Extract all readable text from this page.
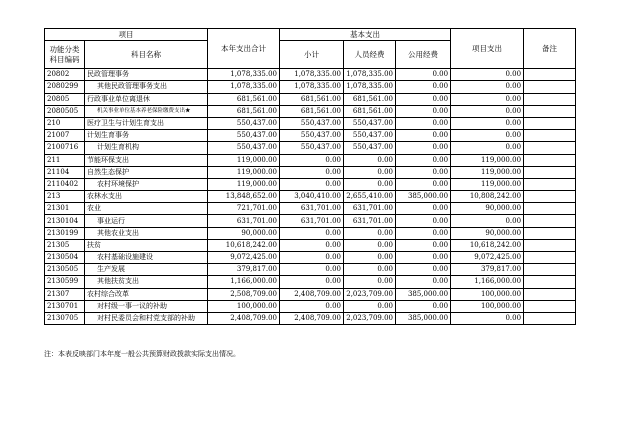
项目		本年支出合计	基本支出			项目支出	备注
功能分类
科目编码	科目名称		小计	人员经费	公用经费		
20802	民政管理事务	1,078,335.00	1,078,335.00	1,078,335.00	0.00	0.00	
2080299	其他民政管理事务支出	1,078,335.00	1,078,335.00	1,078,335.00	0.00	0.00	
20805	行政事业单位离退休	681,561.00	681,561.00	681,561.00	0.00	0.00	
2080505	机关事业单位基本养老保险缴费支出★	681,561.00	681,561.00	681,561.00	0.00	0.00	
210	医疗卫生与计划生育支出	550,437.00	550,437.00	550,437.00	0.00	0.00	
21007	计划生育事务	550,437.00	550,437.00	550,437.00	0.00	0.00	
2100716	计划生育机构	550,437.00	550,437.00	550,437.00	0.00	0.00	
211	节能环保支出	119,000.00	0.00	0.00	0.00	119,000.00	
21104	自然生态保护	119,000.00	0.00	0.00	0.00	119,000.00	
2110402	农村环境保护	119,000.00	0.00	0.00	0.00	119,000.00	
213	农林水支出	13,848,652.00	3,040,410.00	2,655,410.00	385,000.00	10,808,242.00	
21301	农业	721,701.00	631,701.00	631,701.00	0.00	90,000.00	
2130104	事业运行	631,701.00	631,701.00	631,701.00	0.00	0.00	
2130199	其他农业支出	90,000.00	0.00	0.00	0.00	90,000.00	
21305	扶贫	10,618,242.00	0.00	0.00	0.00	10,618,242.00	
2130504	农村基础设施建设	9,072,425.00	0.00	0.00	0.00	9,072,425.00	
2130505	生产发展	379,817.00	0.00	0.00	0.00	379,817.00	
2130599	其他扶贫支出	1,166,000.00	0.00	0.00	0.00	1,166,000.00	
21307	农村综合改革	2,508,709.00	2,408,709.00	2,023,709.00	385,000.00	100,000.00	
2130701	对村级一事一议的补助	100,000.00	0.00	0.00	0.00	100,000.00	
2130705	对村民委员会和村党支部的补助	2,408,709.00	2,408,709.00	2,023,709.00	385,000.00	0.00	
注：本表反映部门本年度一般公共预算财政拨款实际支出情况。
